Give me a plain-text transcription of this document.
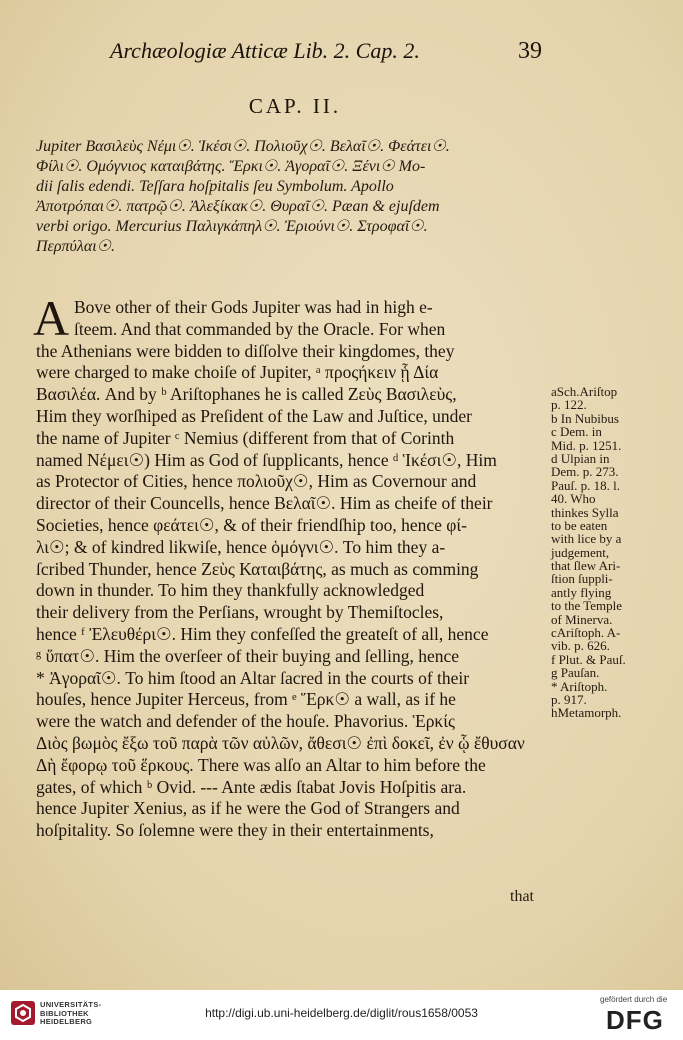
Archæologiæ Atticæ Lib. 2. Cap. 2.	39
CAP. II.
Jupiter Βασιλεὺς Νέμι☉. Ἱκέσι☉. Πολιοῦχ☉. Βελαῖ☉. Φεάτει☉.
Φίλι☉. Ομόγνιος καταιβάτης. Ἕρκι☉. Ἀγοραῖ☉. Ξένι☉ Mo-
dii ſalis edendi. Teſſara hoſpitalis ſeu Symbolum. Apollo
Ἀποτρόπαι☉. πατρῷ☉. Ἀλεξίκακ☉. Θυραῖ☉. Pæan & ejuſdem
verbi origo. Mercurius Παλιγκάπηλ☉. Ἐριούνι☉. Στροφαῖ☉.
Περπύλαι☉.
A Bove other of their Gods Jupiter was had in high e-
ſteem. And that commanded by the Oracle. For when
the Athenians were bidden to diſſolve their kingdomes, they
were charged to make choiſe of Jupiter, ᵃ προςήκειν ᾗ Δία
Βασιλέα. And by ᵇ Ariſtophanes he is called Ζεὺς Βασιλεὺς,
Him they worſhiped as Preſident of the Law and Juſtice, under
the name of Jupiter ᶜ Nemius (different from that of Corinth
named Νέμει☉) Him as God of ſupplicants, hence ᵈ Ἱκέσι☉, Him
as Protector of Cities, hence πολιοῦχ☉, Him as Covernour and
director of their Councells, hence Βελαῖ☉. Him as cheife of their
Societies, hence φεάτει☉, & of their friendſhip too, hence φί-
λι☉; & of kindred likwiſe, hence ὁμόγνι☉. To him they a-
ſcribed Thunder, hence Ζεὺς Καταιβάτης, as much as comming
down in thunder. To him they thankfully acknowledged
their delivery from the Perſians, wrought by Themiſtocles,
hence ᶠ Ἐλευθέρι☉. Him they confeſſed the greateſt of all, hence
ᵍ ὕπατ☉. Him the overſeer of their buying and ſelling, hence
* Ἀγοραῖ☉. To him ſtood an Altar ſacred in the courts of their
houſes, hence Jupiter Herceus, from ᵉ Ἕρκ☉ a wall, as if he
were the watch and defender of the houſe. Phavorius. Ἑρκίς
Διὸς βωμὸς ἔξω τοῦ παρὰ τῶν αὐλῶν, ἄθεσι☉ ἐπὶ δοκεῖ, ἐν ᾧ ἔθυσαν
Δὴ ἔφορῳ τοῦ ἕρκους. There was alſo an Altar to him before the
gates, of which ᵇ Ovid. --- Ante ædis ſtabat Jovis Hoſpitis ara.
hence Jupiter Xenius, as if he were the God of Strangers and
hoſpitality. So ſolemne were they in their entertainments,
aSch.Ariſtop
p. 122.
b In Nubibus
c Dem. in
Mid. p. 1251.
d Ulpian in
Dem. p. 273.
Pauſ. p. 18. l.
40. Who
thinkes Sylla
to be eaten
with lice by a
judgement,
that ſlew Ari-
ſtion ſuppli-
antly flying
to the Temple
of Minerva.
cAriſtoph. A-
vib. p. 626.
f Plut. & Pauſ.
g Pauſan.
* Ariſtoph.
p. 917.
hMetamorph.
that
UNIVERSITÄTS-
BIBLIOTHEK
HEIDELBERG
http://digi.ub.uni-heidelberg.de/diglit/rous1658/0053
gefördert durch die
DFG
